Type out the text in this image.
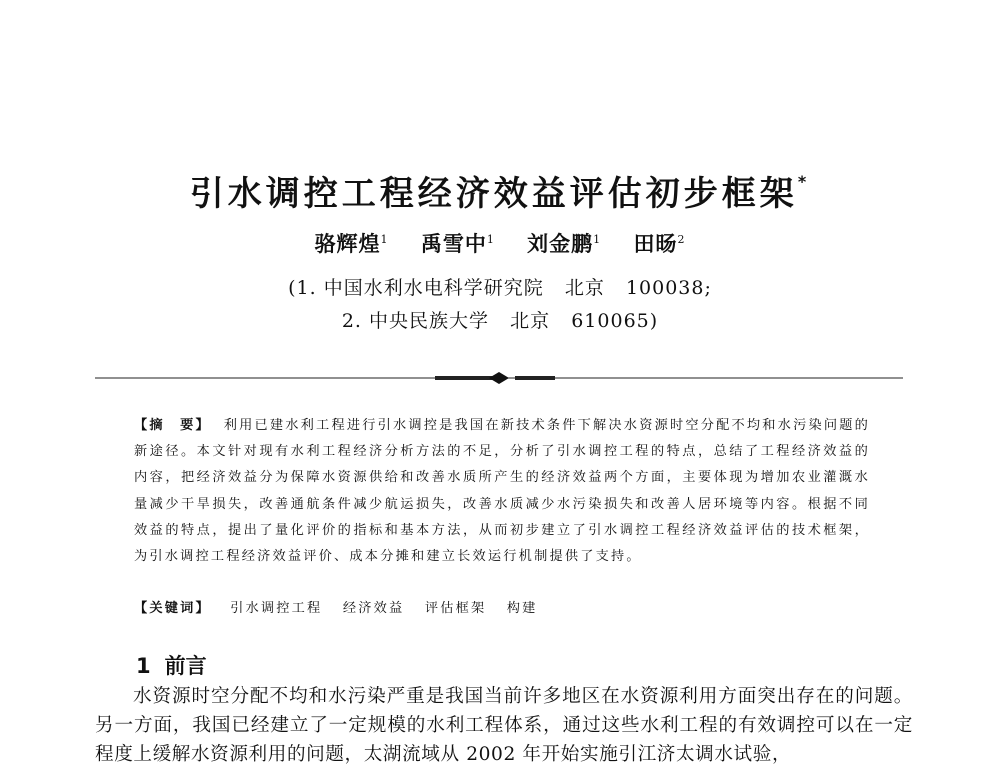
引水调控工程经济效益评估初步框架*
骆辉煌$^1$ 禹雪中$^1$ 刘金鹏$^1$ 田旸$^2$
(1. 中国水利水电科学研究院   北京   100038;
2. 中央民族大学   北京   610065)
【摘　要】 利用已建水利工程进行引水调控是我国在新技术条件下解决水资源时空分配不均和水污染问题的新途径。本文针对现有水利工程经济分析方法的不足，分析了引水调控工程的特点，总结了工程经济效益的内容，把经济效益分为保障水资源供给和改善水质所产生的经济效益两个方面，主要体现为增加农业灌溉水量减少干旱损失，改善通航条件减少航运损失，改善水质减少水污染损失和改善人居环境等内容。根据不同效益的特点，提出了量化评价的指标和基本方法，从而初步建立了引水调控工程经济效益评估的技术框架，为引水调控工程经济效益评价、成本分摊和建立长效运行机制提供了支持。
【关键词】 引水调控工程 经济效益 评估框架 构建
1 前言
水资源时空分配不均和水污染严重是我国当前许多地区在水资源利用方面突出存在的问题。另一方面，我国已经建立了一定规模的水利工程体系，通过这些水利工程的有效调控可以在一定程度上缓解水资源利用的问题，太湖流域从 2002 年开始实施引江济太调水试验，
